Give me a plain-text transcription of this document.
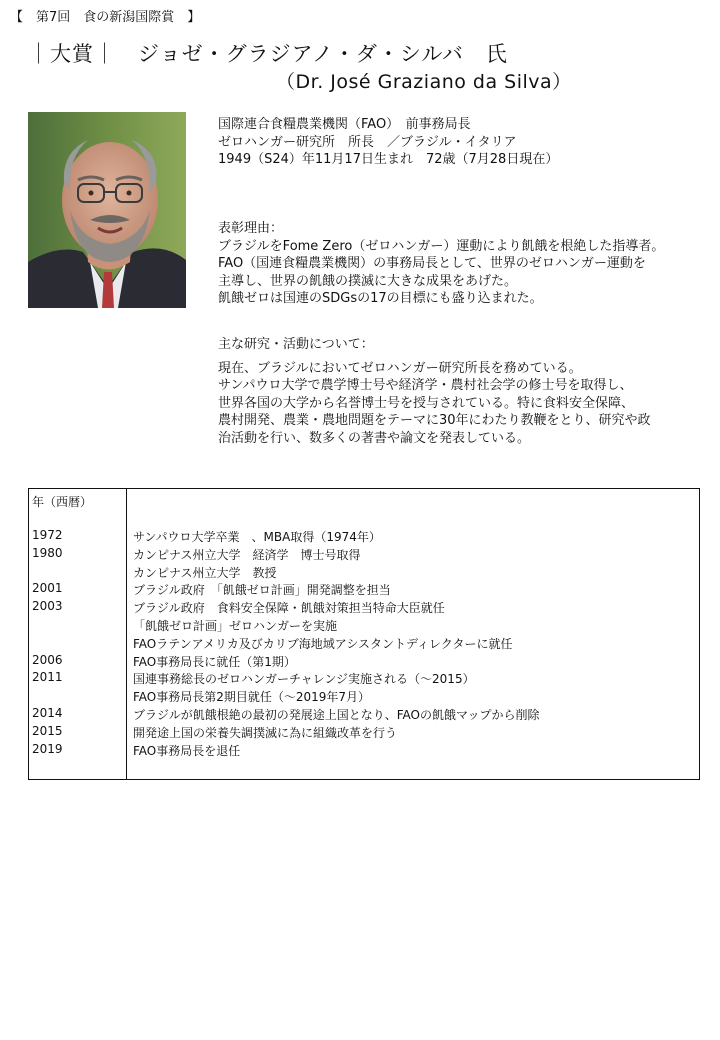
【　第7回　食の新潟国際賞　】
｜大賞｜ ジョゼ・グラジアノ・ダ・シルバ　氏
（Dr. José Graziano da Silva）
国際連合食糧農業機関（FAO）　前事務局長
ゼロハンガー研究所　所長　／ブラジル・イタリア
1949（S24）年11月17日生まれ　72歳（7月28日現在）
表彰理由：
ブラジルをFome Zero（ゼロハンガー）運動により飢餓を根絶した指導者。
FAO（国連食糧農業機関）の事務局長として、世界のゼロハンガー運動を
主導し、世界の飢餓の撲滅に大きな成果をあげた。
飢餓ゼロは国連のSDGsの17の目標にも盛り込まれた。
主な研究・活動について：
現在、ブラジルにおいてゼロハンガー研究所長を務めている。
サンパウロ大学で農学博士号や経済学・農村社会学の修士号を取得し、
世界各国の大学から名誉博士号を授与されている。特に食料安全保障、
農村開発、農業・農地問題をテーマに30年にわたり教鞭をとり、研究や政
治活動を行い、数多くの著書や論文を発表している。
年（西暦）
1972	サンパウロ大学卒業　、MBA取得（1974年）
1980	カンピナス州立大学　経済学　博士号取得
カンピナス州立大学　教授
2001	ブラジル政府　「飢餓ゼロ計画」開発調整を担当
2003	ブラジル政府　食料安全保障・飢餓対策担当特命大臣就任
「飢餓ゼロ計画」ゼロハンガーを実施
FAOラテンアメリカ及びカリブ海地域アシスタントディレクターに就任
2006	FAO事務局長に就任（第1期）
2011	国連事務総長のゼロハンガーチャレンジ実施される（～2015）
FAO事務局長第2期目就任（～2019年7月）
2014	ブラジルが飢餓根絶の最初の発展途上国となり、FAOの飢餓マップから削除
2015	開発途上国の栄養失調撲滅に為に組織改革を行う
2019	FAO事務局長を退任
